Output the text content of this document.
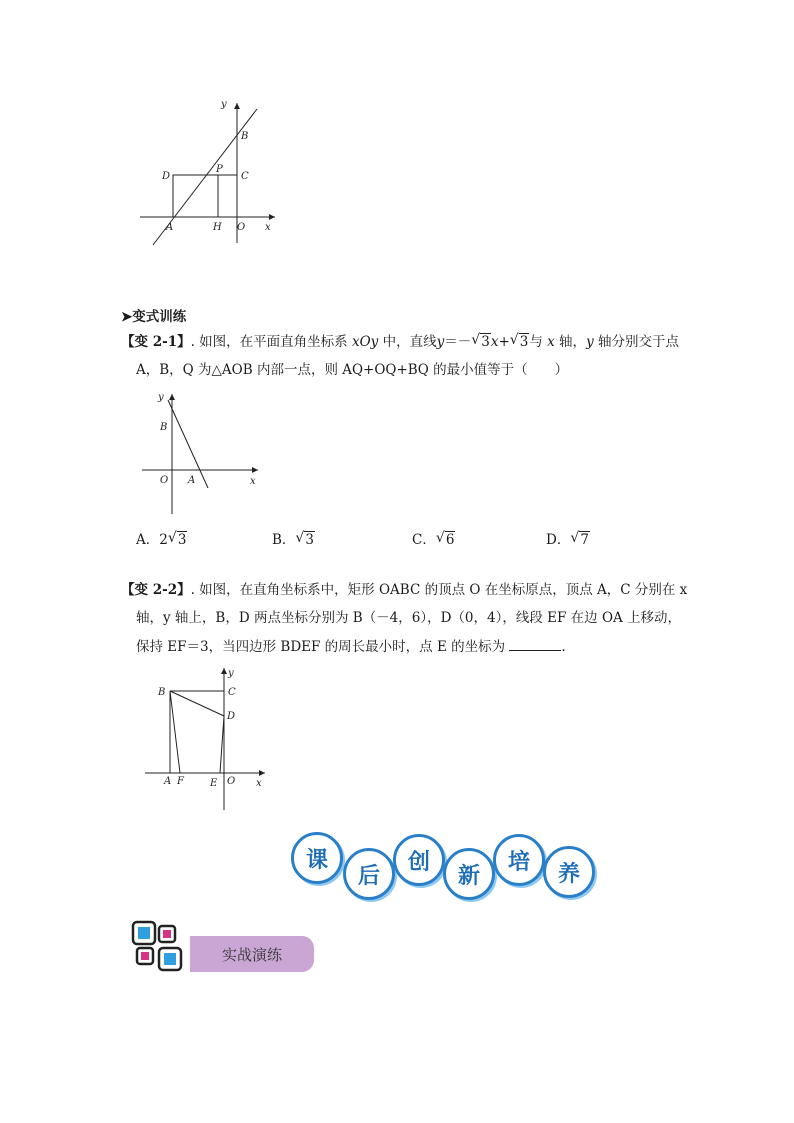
y
x
B
D
P
C
A	H O
➤变式训练
【变 2-1】. 如图，在平面直角坐标系 xOy 中，直线y＝－ √ 3x+ √ 3与 x 轴，y 轴分别交于点
A，B，Q 为△AOB 内部一点，则 AQ+OQ+BQ 的最小值等于（　　）
y
B
O A	x
A．2 √ 3	B． √ 3	C． √ 6	D． √ 7
【变 2-2】. 如图，在直角坐标系中，矩形 OABC 的顶点 O 在坐标原点，顶点 A，C 分别在 x
轴，y 轴上，B，D 两点坐标分别为 B（－4，6），D（0，4），线段 EF 在边 OA 上移动，
保持 EF＝3，当四边形 BDEF 的周长最小时，点 E 的坐标为	.
y
B	C
D
A F	E O x
课
后
创
新
培	养
实战演练
